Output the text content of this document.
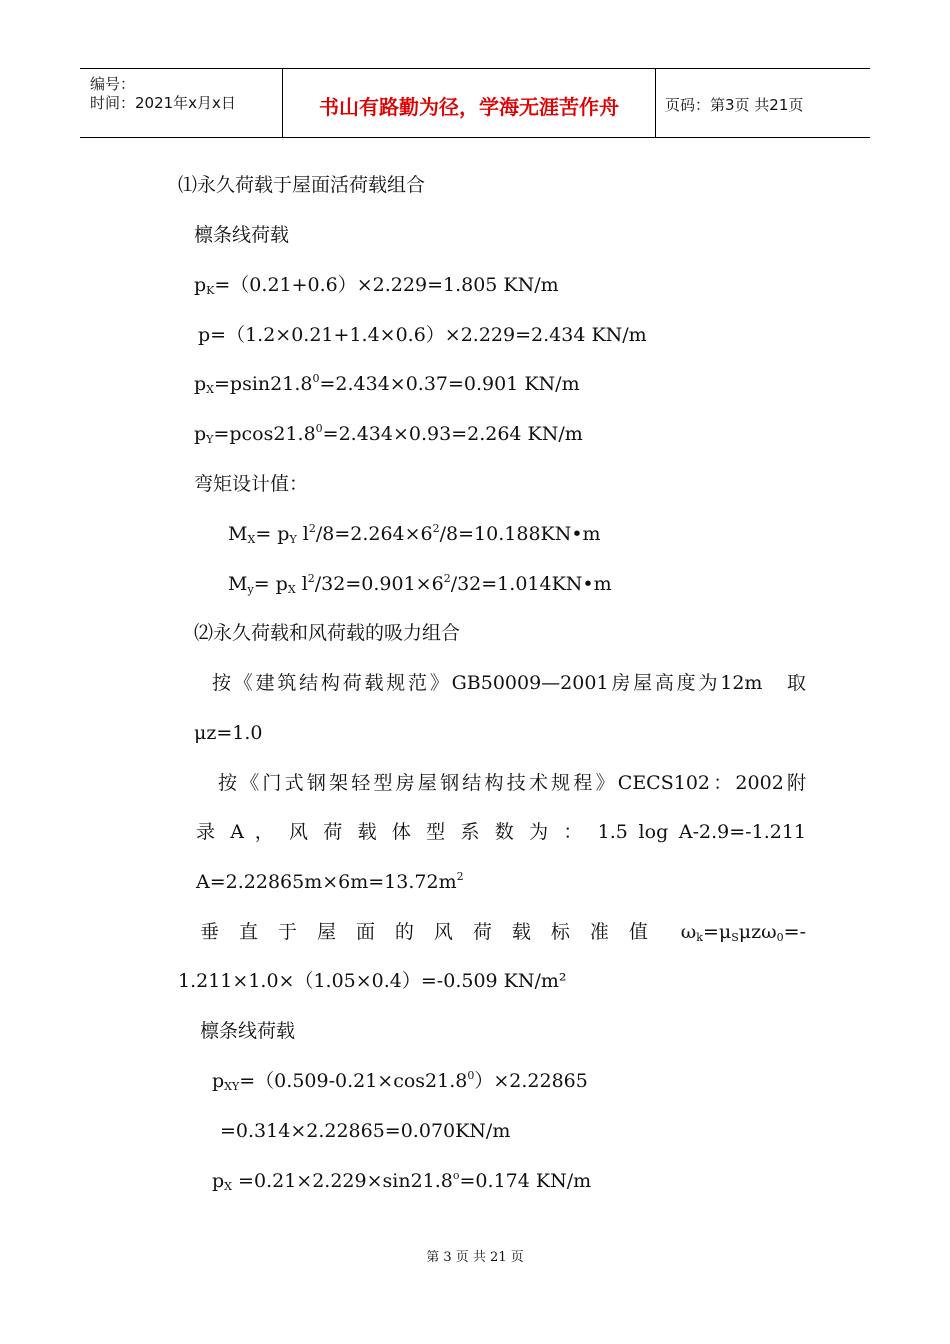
编号：
时间：2021年x月x日	书山有路勤为径，学海无涯苦作舟	页码：第3页 共21页
⑴永久荷载于屋面活荷载组合
檩条线荷载
$p_K=(0.21+0.6)\times 2.229=1.805$ KN/m
p=（1.2×0.21+1.4×0.6）×2.229=2.434 KN/m
$p_X=psin21.8^0=2.434\times 0.37=0.901$ KN/m
$p_Y=pcos21.8^0=2.434\times 0.93=2.264$ KN/m
弯矩设计值：
$M_X= p_Y$ $l^2/8=2.264\times 6^2/8=10.188KN•m$
$M_y= p_X$ $l^2/32=0.901\times 6^2/32=1.014KN•m$
⑵永久荷载和风荷载的吸力组合
按《建筑结构荷载规范》GB50009—2001房屋高度为12m　取
μz=1.0
按《门式钢架轻型房屋钢结构技术规程》CECS102：2002附
录 A ， 风 荷 载 体 型 系 数 为 ： 1.5 log A-2.9=-1.211
$A=2.22865m\times 6m=13.72m^2$
垂 直 于 屋 面 的 风 荷 载 标 准 值　$\omega_k=\mu_S\mu z\omega_0=-$
1.211×1.0×（1.05×0.4）=-0.509 KN/m²
檩条线荷载
$p_{XY}=(0.509-0.21\times\cos 21.8^0)\times 2.22865$
=0.314×2.22865=0.070KN/m
$p_X =0.21\times 2.229\times\sin 21.8^o=0.174$ KN/m
第 3 页 共 21 页
